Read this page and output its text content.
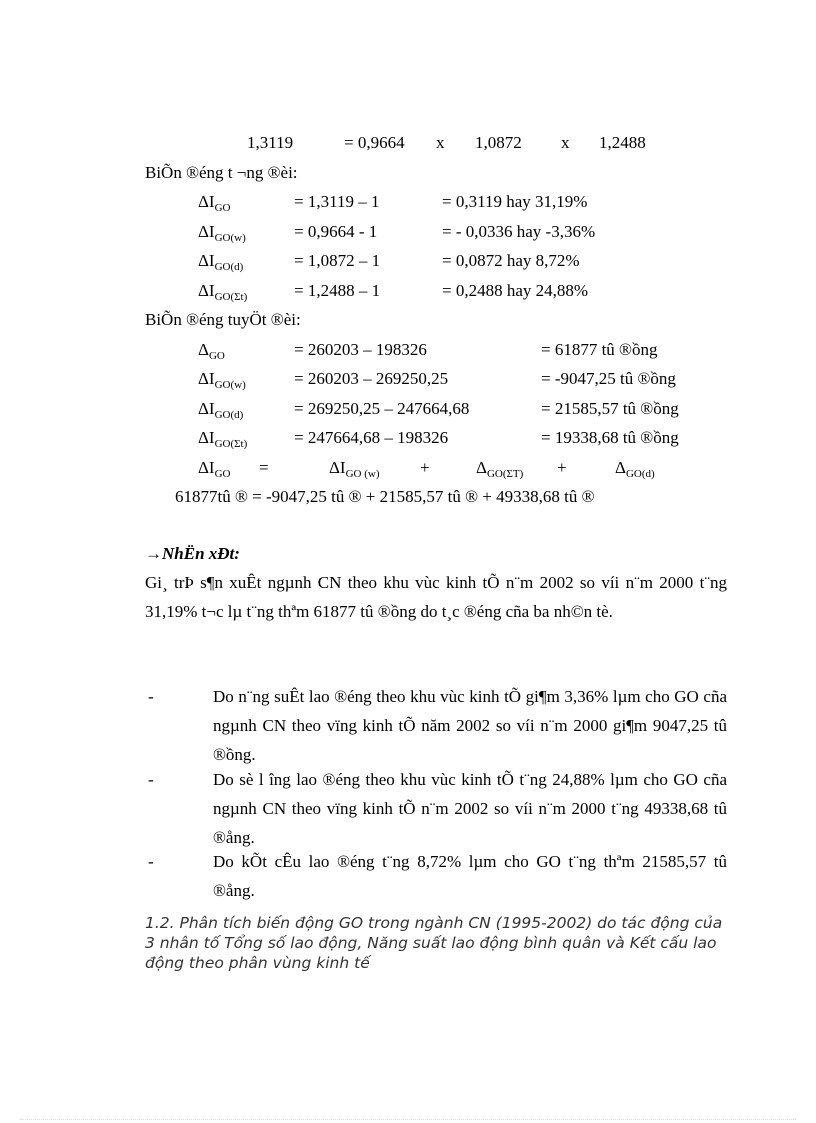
1,3119	= 0,9664 x 1,0872 x 1,2488
BiÕn ®éng t ¬ng ®èi:
$\Delta I_{GO}$	= 1,3119 – 1	= 0,3119 hay 31,19%
$\Delta I_{GO(w)}$	= 0,9664 - 1	= - 0,0336 hay -3,36%
$\Delta I_{GO(d)}$	= 1,0872 – 1	= 0,0872 hay 8,72%
$\Delta I_{GO(\Sigma t)}$	= 1,2488 – 1	= 0,2488 hay 24,88%
BiÕn ®éng tuyÖt ®èi:
$\Delta_{GO}$	= 260203 – 198326	= 61877 tû ®ồng
$\Delta I_{GO(w)}$	= 260203 – 269250,25	= -9047,25 tû ®ồng
$\Delta I_{GO(d)}$	= 269250,25 – 247664,68	= 21585,57 tû ®ồng
$\Delta I_{GO(\Sigma t)}$	= 247664,68 – 198326	= 19338,68 tû ®ồng
$\Delta I_{GO}$ =	$\Delta I_{GO (w)}$ +	$\Delta_{GO(\Sigma T)}$ +	$\Delta_{GO(d)}$
61877tû ® = -9047,25 tû ® + 21585,57 tû ® + 49338,68 tû ®
→NhËn xÐt:
Gi¸ trÞ s¶n xuÊt ngµnh CN theo khu vùc kinh tÕ n¨m 2002 so víi n¨m 2000 t¨ng 31,19% t¬c lµ t¨ng thªm 61877 tû ®ồng do t¸c ®éng cña ba nh©n tè.
-	Do n¨ng suÊt lao ®éng theo khu vùc kinh tÕ gi¶m 3,36% lµm cho GO cña ngµnh CN theo vïng kinh tÕ năm 2002 so víi n¨m 2000 gi¶m 9047,25 tû ®ồng.
-	Do sè l îng lao ®éng theo khu vùc kinh tÕ t¨ng 24,88% lµm cho GO cña ngµnh CN theo vïng kinh tÕ n¨m 2002 so víi n¨m 2000 t¨ng 49338,68 tû ®ång.
-	Do kÕt cÊu lao ®éng t¨ng 8,72% lµm cho GO t¨ng thªm 21585,57 tû ®ång.
1.2. Phân tích biến động GO trong ngành CN (1995-2002) do tác động của 3 nhân tố Tổng số lao động, Năng suất lao động bình quân và Kết cấu lao động theo phân vùng kinh tế
